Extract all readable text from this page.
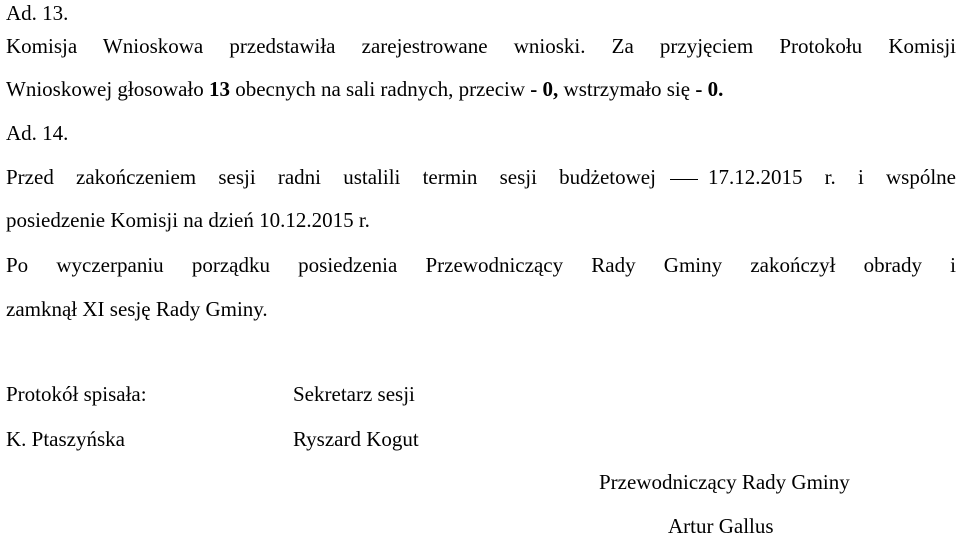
Ad. 13.
Komisja Wnioskowa przedstawiła zarejestrowane wnioski. Za przyjęciem Protokołu Komisji
Wnioskowej głosowało 13 obecnych na sali radnych, przeciw - 0, wstrzymało się - 0.
Ad. 14.
Przed zakończeniem sesji radni ustalili termin sesji budżetowej 17.12.2015 r. i wspólne
posiedzenie Komisji na dzień 10.12.2015 r.
Po wyczerpaniu porządku posiedzenia Przewodniczący Rady Gminy zakończył obrady i
zamknął XI sesję Rady Gminy.
Protokół spisała:
K. Ptaszyńska
Sekretarz sesji
Ryszard Kogut
Przewodniczący Rady Gminy
Artur Gallus
